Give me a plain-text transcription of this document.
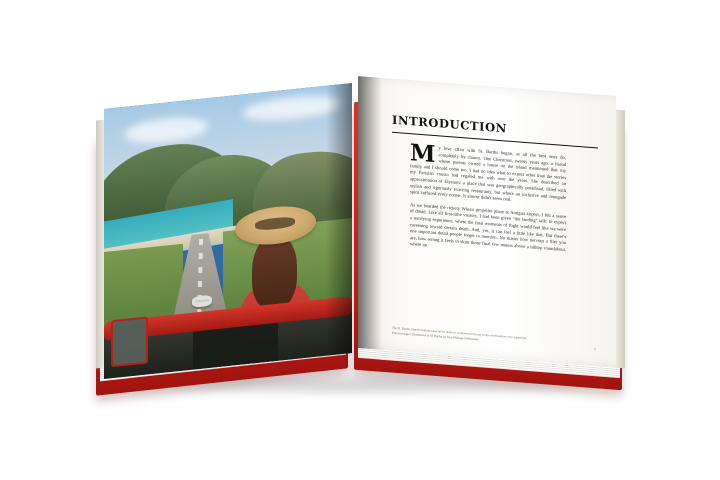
INTRODUCTION

My love affair with St. Barths began, as all the best ones do, completely by chance. One Christmas, twenty years ago, a friend whose parents owned a house on the island mentioned that my family and I should come too. I had no idea what to expect other than the stories my Parisian cousin had regaled me with over the years. She described an approximation of Elysium: a place that was geographically paradisial, filled with stylish and rigorously exacting restaurants, but where an inclusive and renegade spirit suffused every corner. It almost didn't seem real.

As we boarded the rickety Winair propeller plane at Antigua airport, I felt a sense of dread. Like all first-time visitors, I had been given "the landing" talk: to expect a terrifying experience, where the final moments of flight would feel like we were careening toward certain death. And, yes, it can feel a little like that. But there's one important detail people forget to mention. No matter how nervous a flier you are, how wrong it feels to skim those final few meters above a hilltop roundabout, where an

The St. Barths airport's famous view of the district's commercial runway in the world airport over a past feet. Previous pages: Illustration of St. Barths by Jean-Philippe Delhomme.
7
